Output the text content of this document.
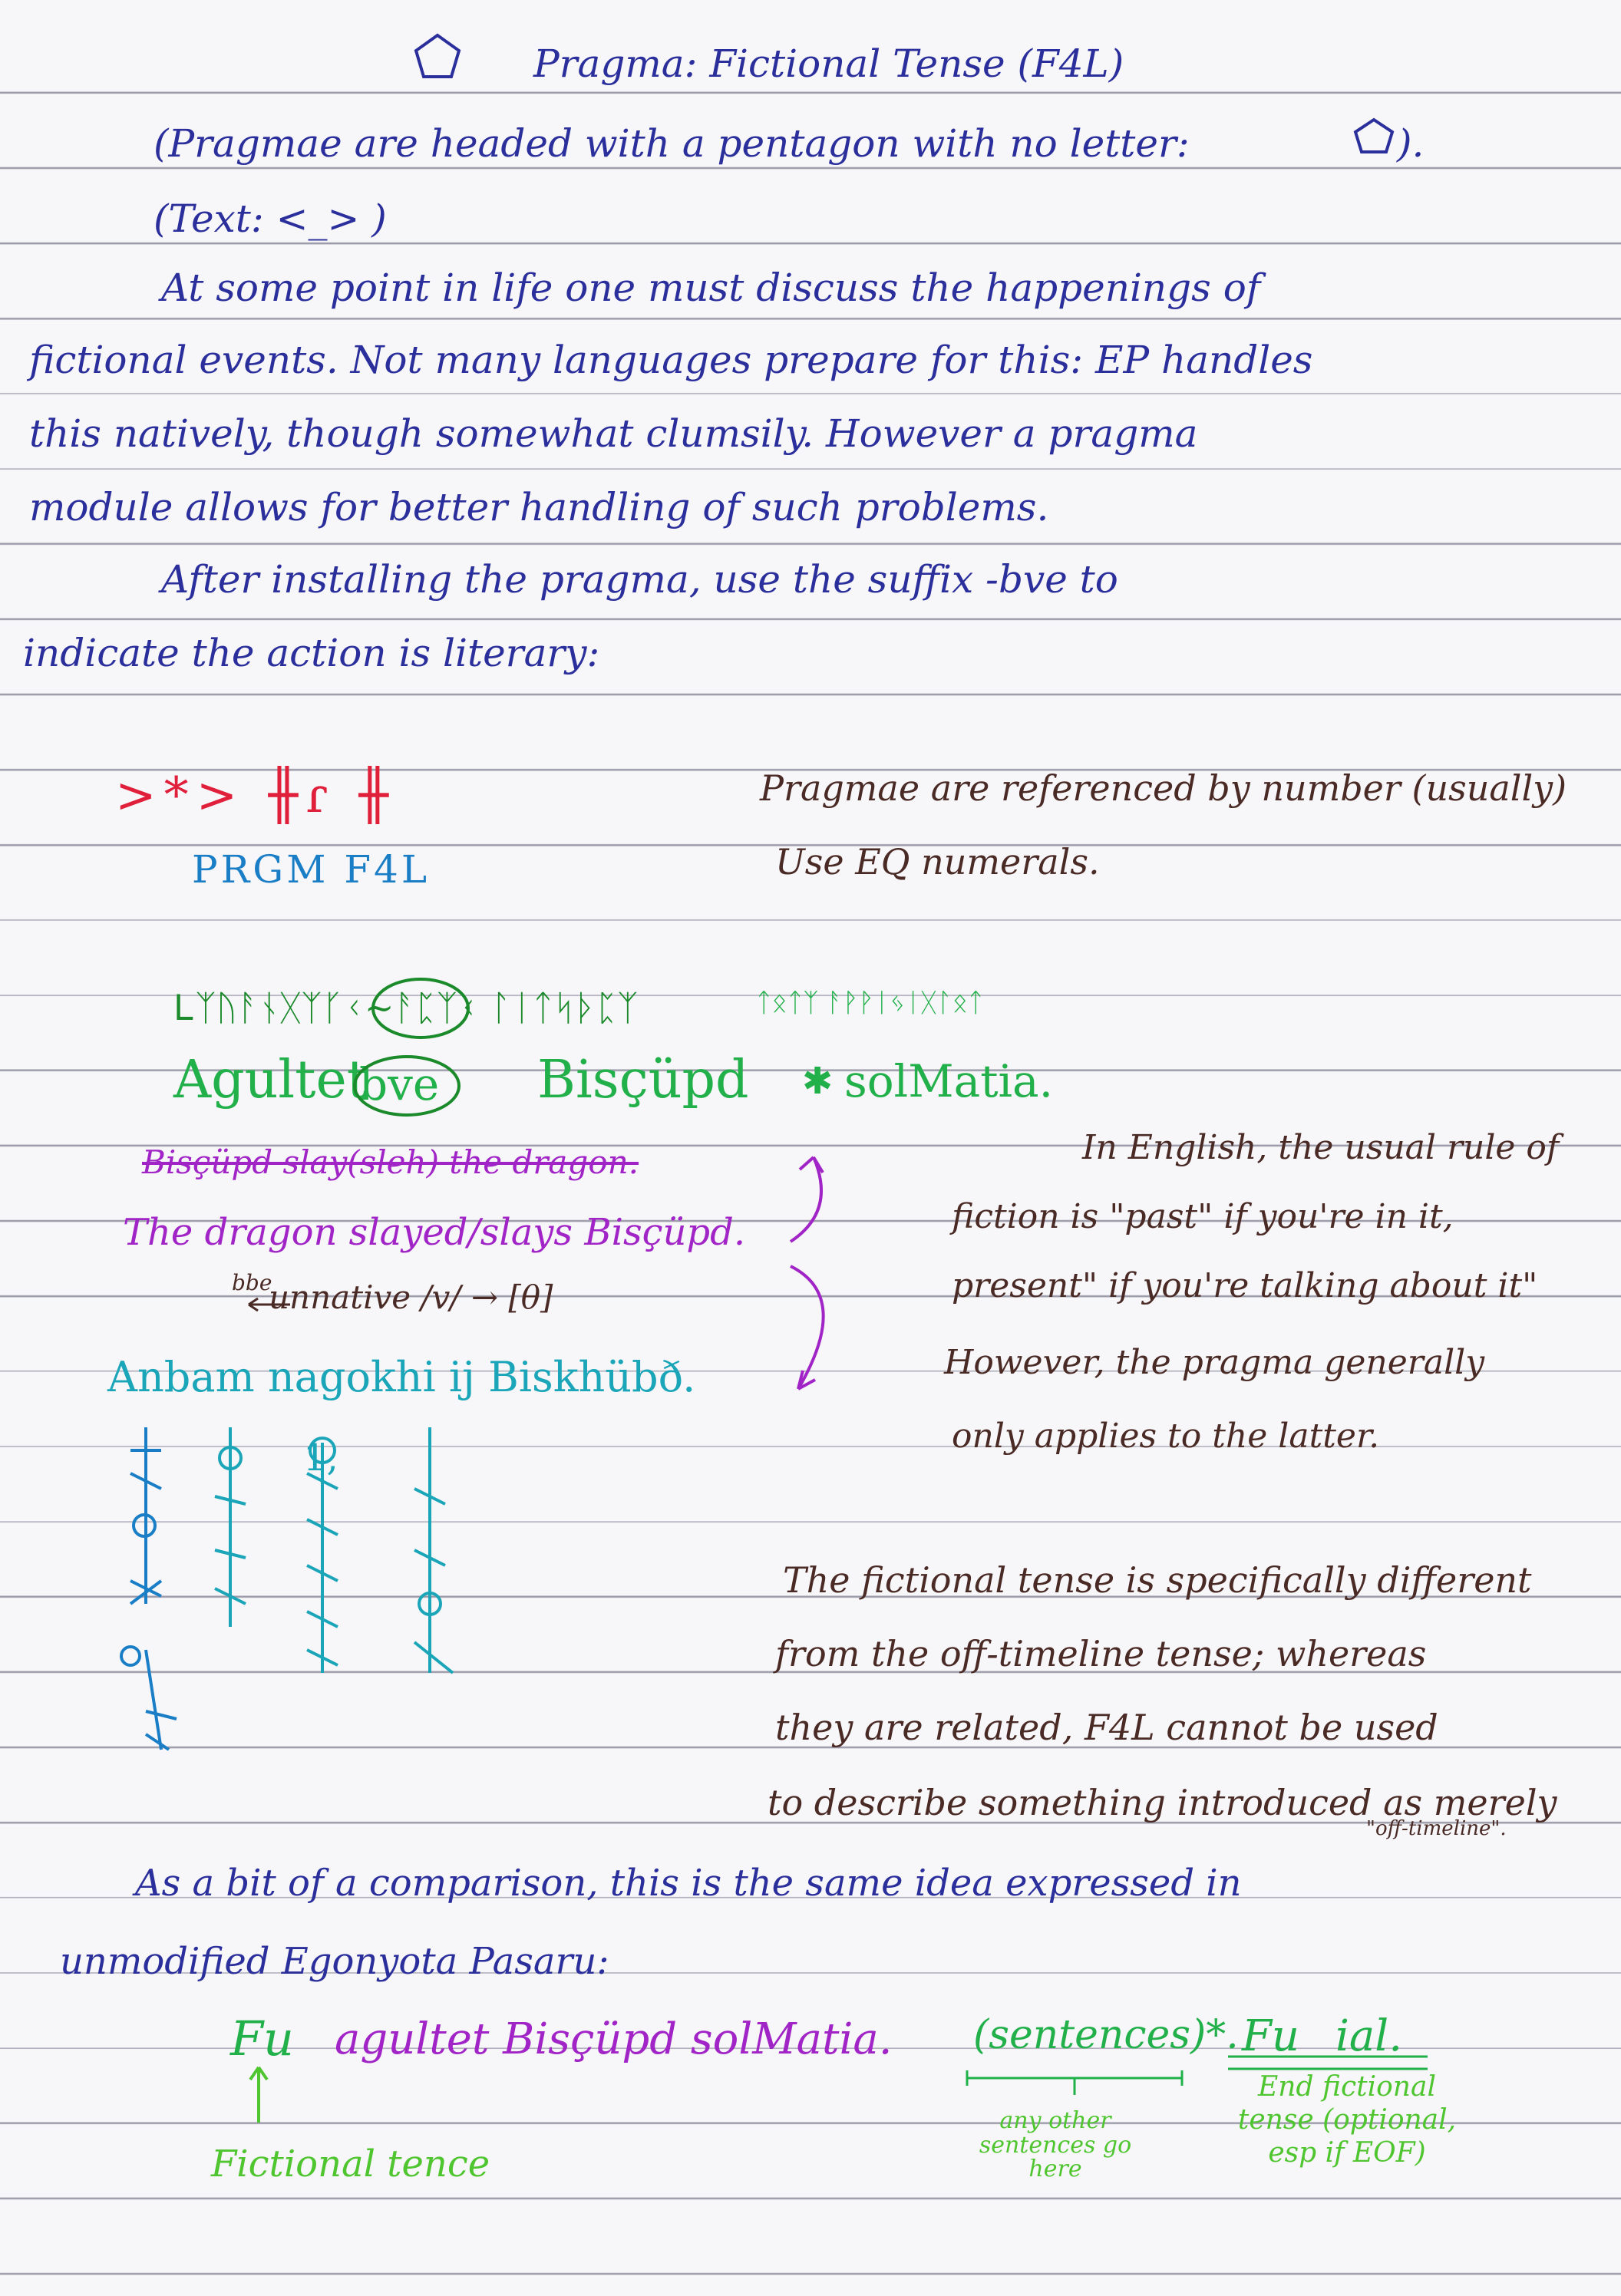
Pragma: Fictional Tense (F4L)
(Pragmae are headed with a pentagon with no letter:	).
(Text: <_> )
At some point in life one must discuss the happenings of
fictional events. Not many languages prepare for this: EP handles
this natively, though somewhat clumsily. However a pragma
module allows for better handling of such problems.
After installing the pragma, use the suffix -bve to
indicate the action is literary:
>*> ╫ɾ ╫
PRGM F4L
Pragmae are referenced by number (usually)
Use EQ numerals.
Ꮮᛉᚢᚨᚾᚷᛉᚴᚲ~ᚨᛈᛉᚲ ᛚᛁᛏᛋᚦᛈᛉ	ᛏᛟᛏᛉ ᚨᚹᚹᛁᛃᛁᚷᛚᛟᛏ
Agultet
bve Bisçüpd solMatia.
✱
Bisçüpd slay(sleh) the dragon.
The dragon slayed/slays Bisçüpd.
bbe
unnative /v/ → [θ]
Anbam nagokhi ij Biskhübð.
1,
In English, the usual rule of
fiction is "past" if you're in it,
present" if you're talking about it"
However, the pragma generally
only applies to the latter.
The fictional tense is specifically different
from the off-timeline tense; whereas
they are related, F4L cannot be used
to describe something introduced as merely
"off-timeline".
As a bit of a comparison, this is the same idea expressed in
unmodified Egonyota Pasaru:
Fu agultet Bisçüpd solMatia. (sentences)*. Fu ial.
Fictional tence
any other sentences go here
End fictional tense (optional, esp if EOF)
